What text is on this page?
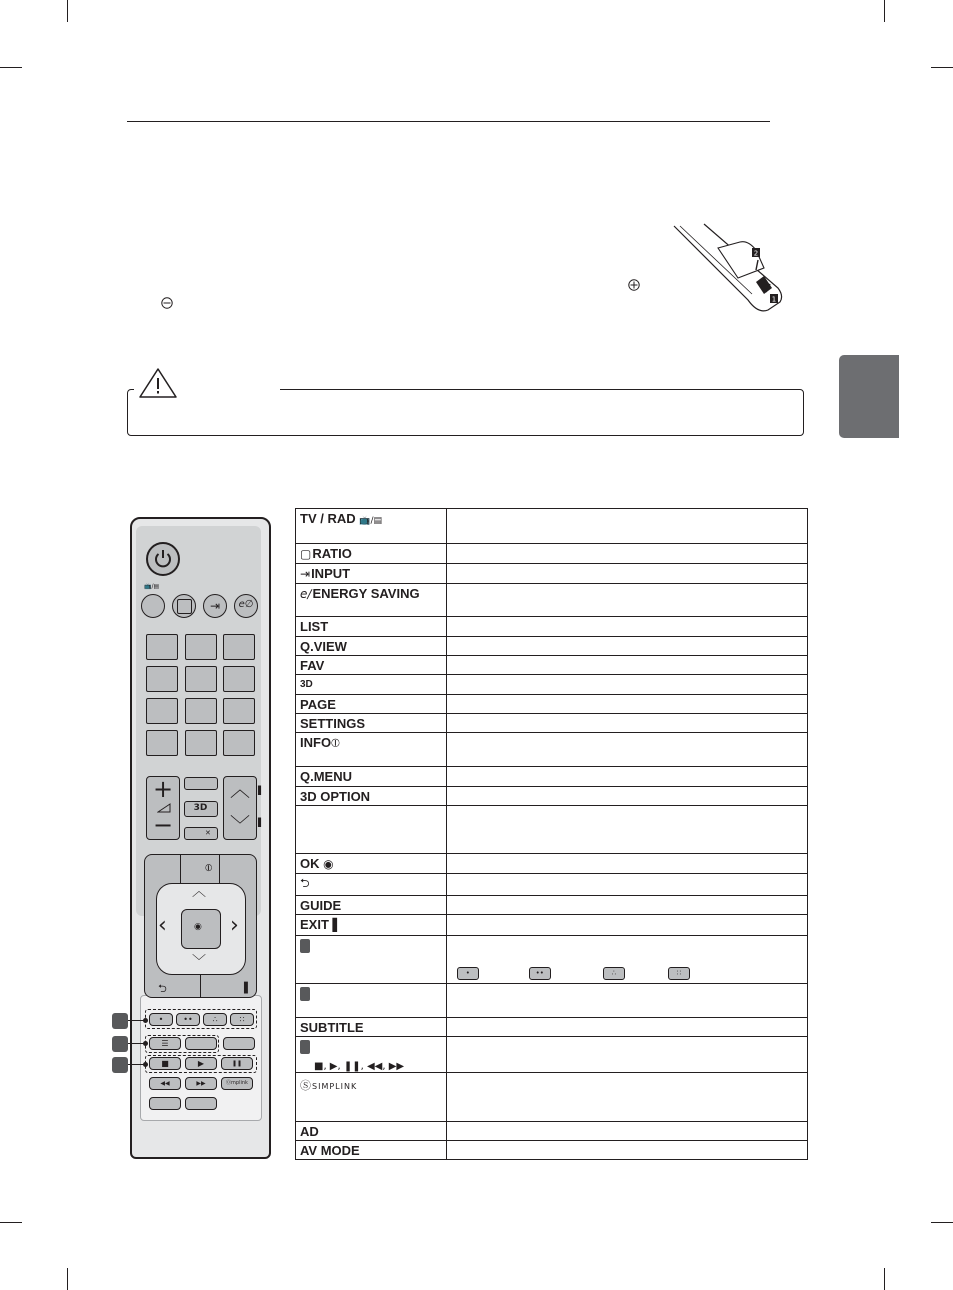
2
1
📺/▤
⇥ e∅
+
−
3D
✕
︿
﹀
▌
▌
⦶
︿
﹀
‹	›
◉
⮌	▌
•	••	∴	∷
☰
■	▶	❚❚
◀◀	▶▶	⓪mplink
TV / RAD 📺/▤	
▢RATIO	
⇥INPUT	
e∕ENERGY SAVING	
LIST	
Q.VIEW	
FAV	
3D	
PAGE	
SETTINGS	
INFO⦶	
Q.MENU	
3D OPTION	

OK ◉	
⮌	
GUIDE	
EXIT ▌	

	• •• ∴ ∷

SUBTITLE	

■, ▶, ❚❚, ◀◀, ▶▶	
ⓈSIMPLINK	
AD	
AV MODE	
